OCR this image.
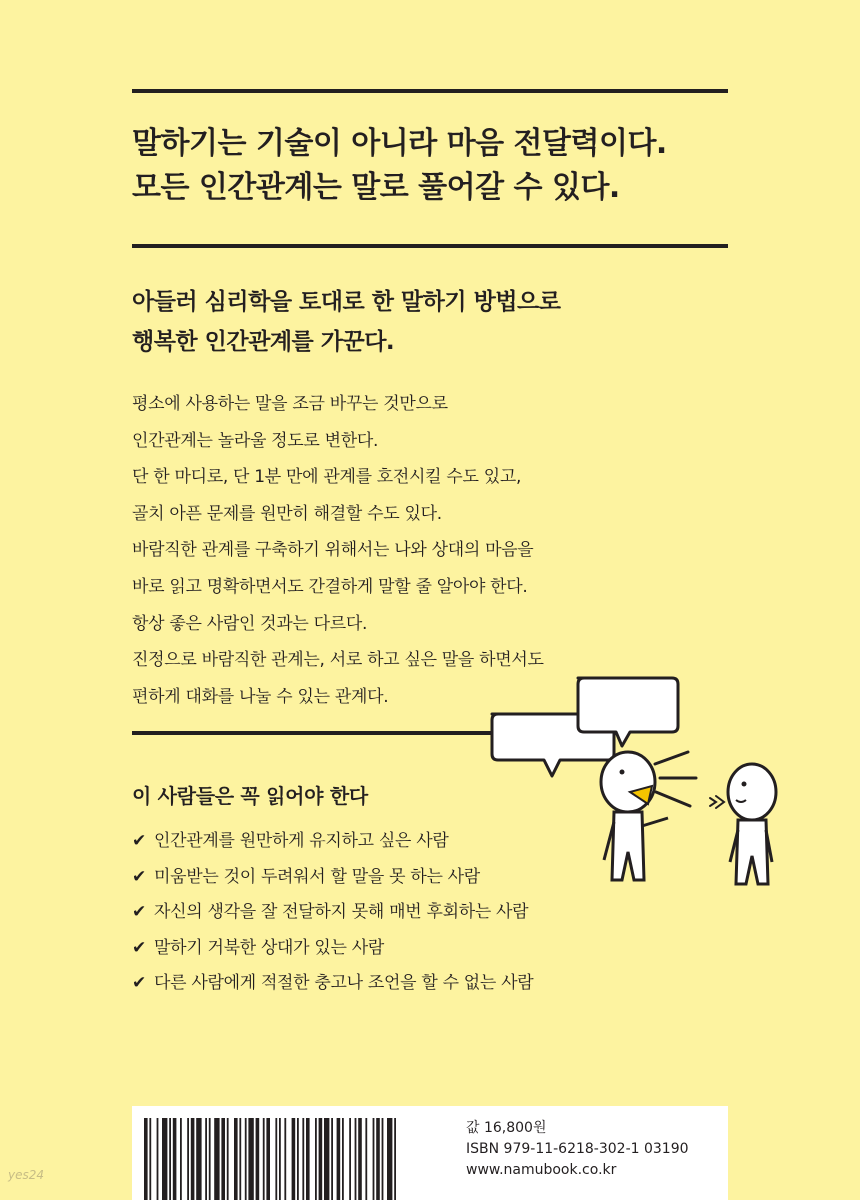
말하기는 기술이 아니라 마음 전달력이다.
모든 인간관계는 말로 풀어갈 수 있다.
아들러 심리학을 토대로 한 말하기 방법으로
행복한 인간관계를 가꾼다.
평소에 사용하는 말을 조금 바꾸는 것만으로
인간관계는 놀라울 정도로 변한다.
단 한 마디로, 단 1분 만에 관계를 호전시킬 수도 있고,
골치 아픈 문제를 원만히 해결할 수도 있다.
바람직한 관계를 구축하기 위해서는 나와 상대의 마음을
바로 읽고 명확하면서도 간결하게 말할 줄 알아야 한다.
항상 좋은 사람인 것과는 다르다.
진정으로 바람직한 관계는, 서로 하고 싶은 말을 하면서도
편하게 대화를 나눌 수 있는 관계다.
이 사람들은 꼭 읽어야 한다
✔ 인간관계를 원만하게 유지하고 싶은 사람
✔ 미움받는 것이 두려워서 할 말을 못 하는 사람
✔ 자신의 생각을 잘 전달하지 못해 매번 후회하는 사람
✔ 말하기 거북한 상대가 있는 사람
✔ 다른 사람에게 적절한 충고나 조언을 할 수 없는 사람
값 16,800원
ISBN 979-11-6218-302-1 03190
www.namubook.co.kr
yes24
